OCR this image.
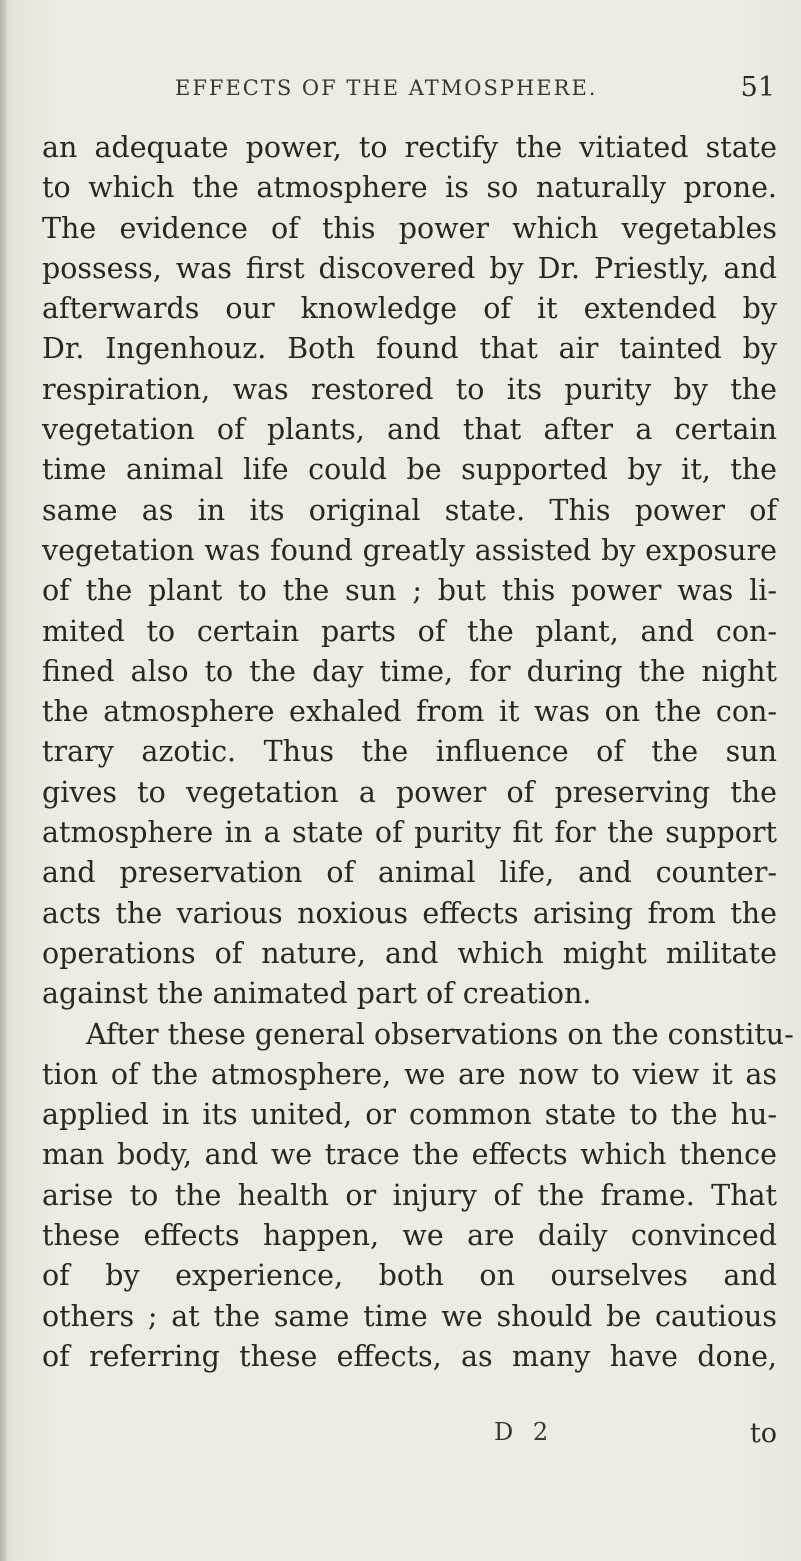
EFFECTS OF THE ATMOSPHERE.	51
an adequate power, to rectify the vitiated state
to which the atmosphere is so naturally prone.
The evidence of this power which vegetables
possess, was first discovered by Dr. Priestly, and
afterwards our knowledge of it extended by
Dr. Ingenhouz. Both found that air tainted by
respiration, was restored to its purity by the
vegetation of plants, and that after a certain
time animal life could be supported by it, the
same as in its original state. This power of
vegetation was found greatly assisted by exposure
of the plant to the sun ; but this power was li-
mited to certain parts of the plant, and con-
fined also to the day time, for during the night
the atmosphere exhaled from it was on the con-
trary azotic. Thus the influence of the sun
gives to vegetation a power of preserving the
atmosphere in a state of purity fit for the support
and preservation of animal life, and counter-
acts the various noxious effects arising from the
operations of nature, and which might militate
against the animated part of creation.
After these general observations on the constitu-
tion of the atmosphere, we are now to view it as
applied in its united, or common state to the hu-
man body, and we trace the effects which thence
arise to the health or injury of the frame. That
these effects happen, we are daily convinced
of by experience, both on ourselves and
others ; at the same time we should be cautious
of referring these effects, as many have done,
D 2	to
